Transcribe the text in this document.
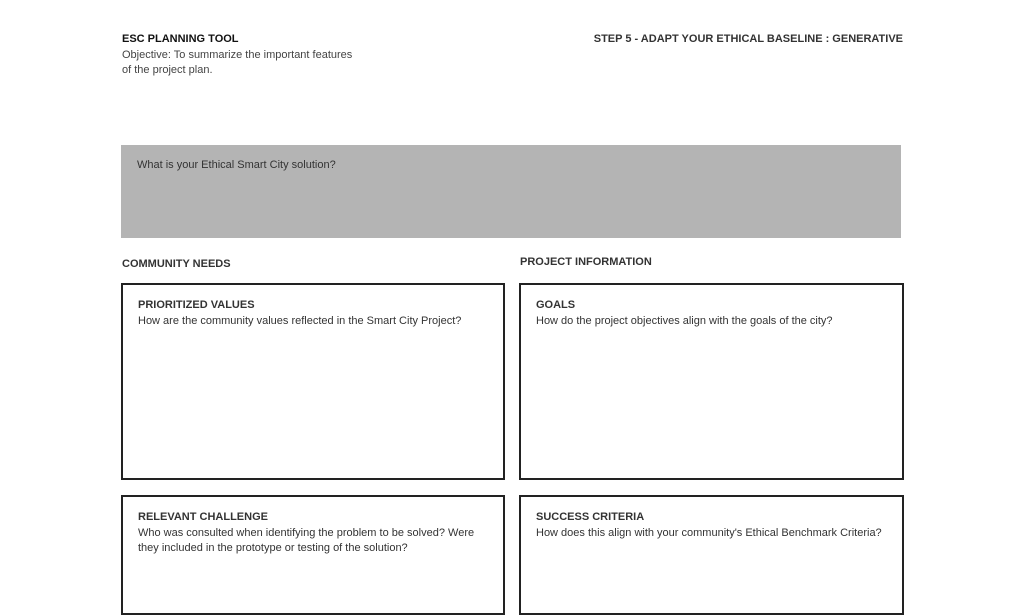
ESC PLANNING TOOL
Objective: To summarize the important features of the project plan.
STEP 5 - ADAPT YOUR ETHICAL BASELINE : GENERATIVE
What is your Ethical Smart City solution?
COMMUNITY NEEDS	PROJECT INFORMATION
PRIORITIZED VALUES
How are the community values reflected in the Smart City Project?
GOALS
How do the project objectives align with the goals of the city?
RELEVANT CHALLENGE
Who was consulted when identifying the problem to be solved? Were they included in the prototype or testing of the solution?
SUCCESS CRITERIA
How does this align with your community's Ethical Benchmark Criteria?
